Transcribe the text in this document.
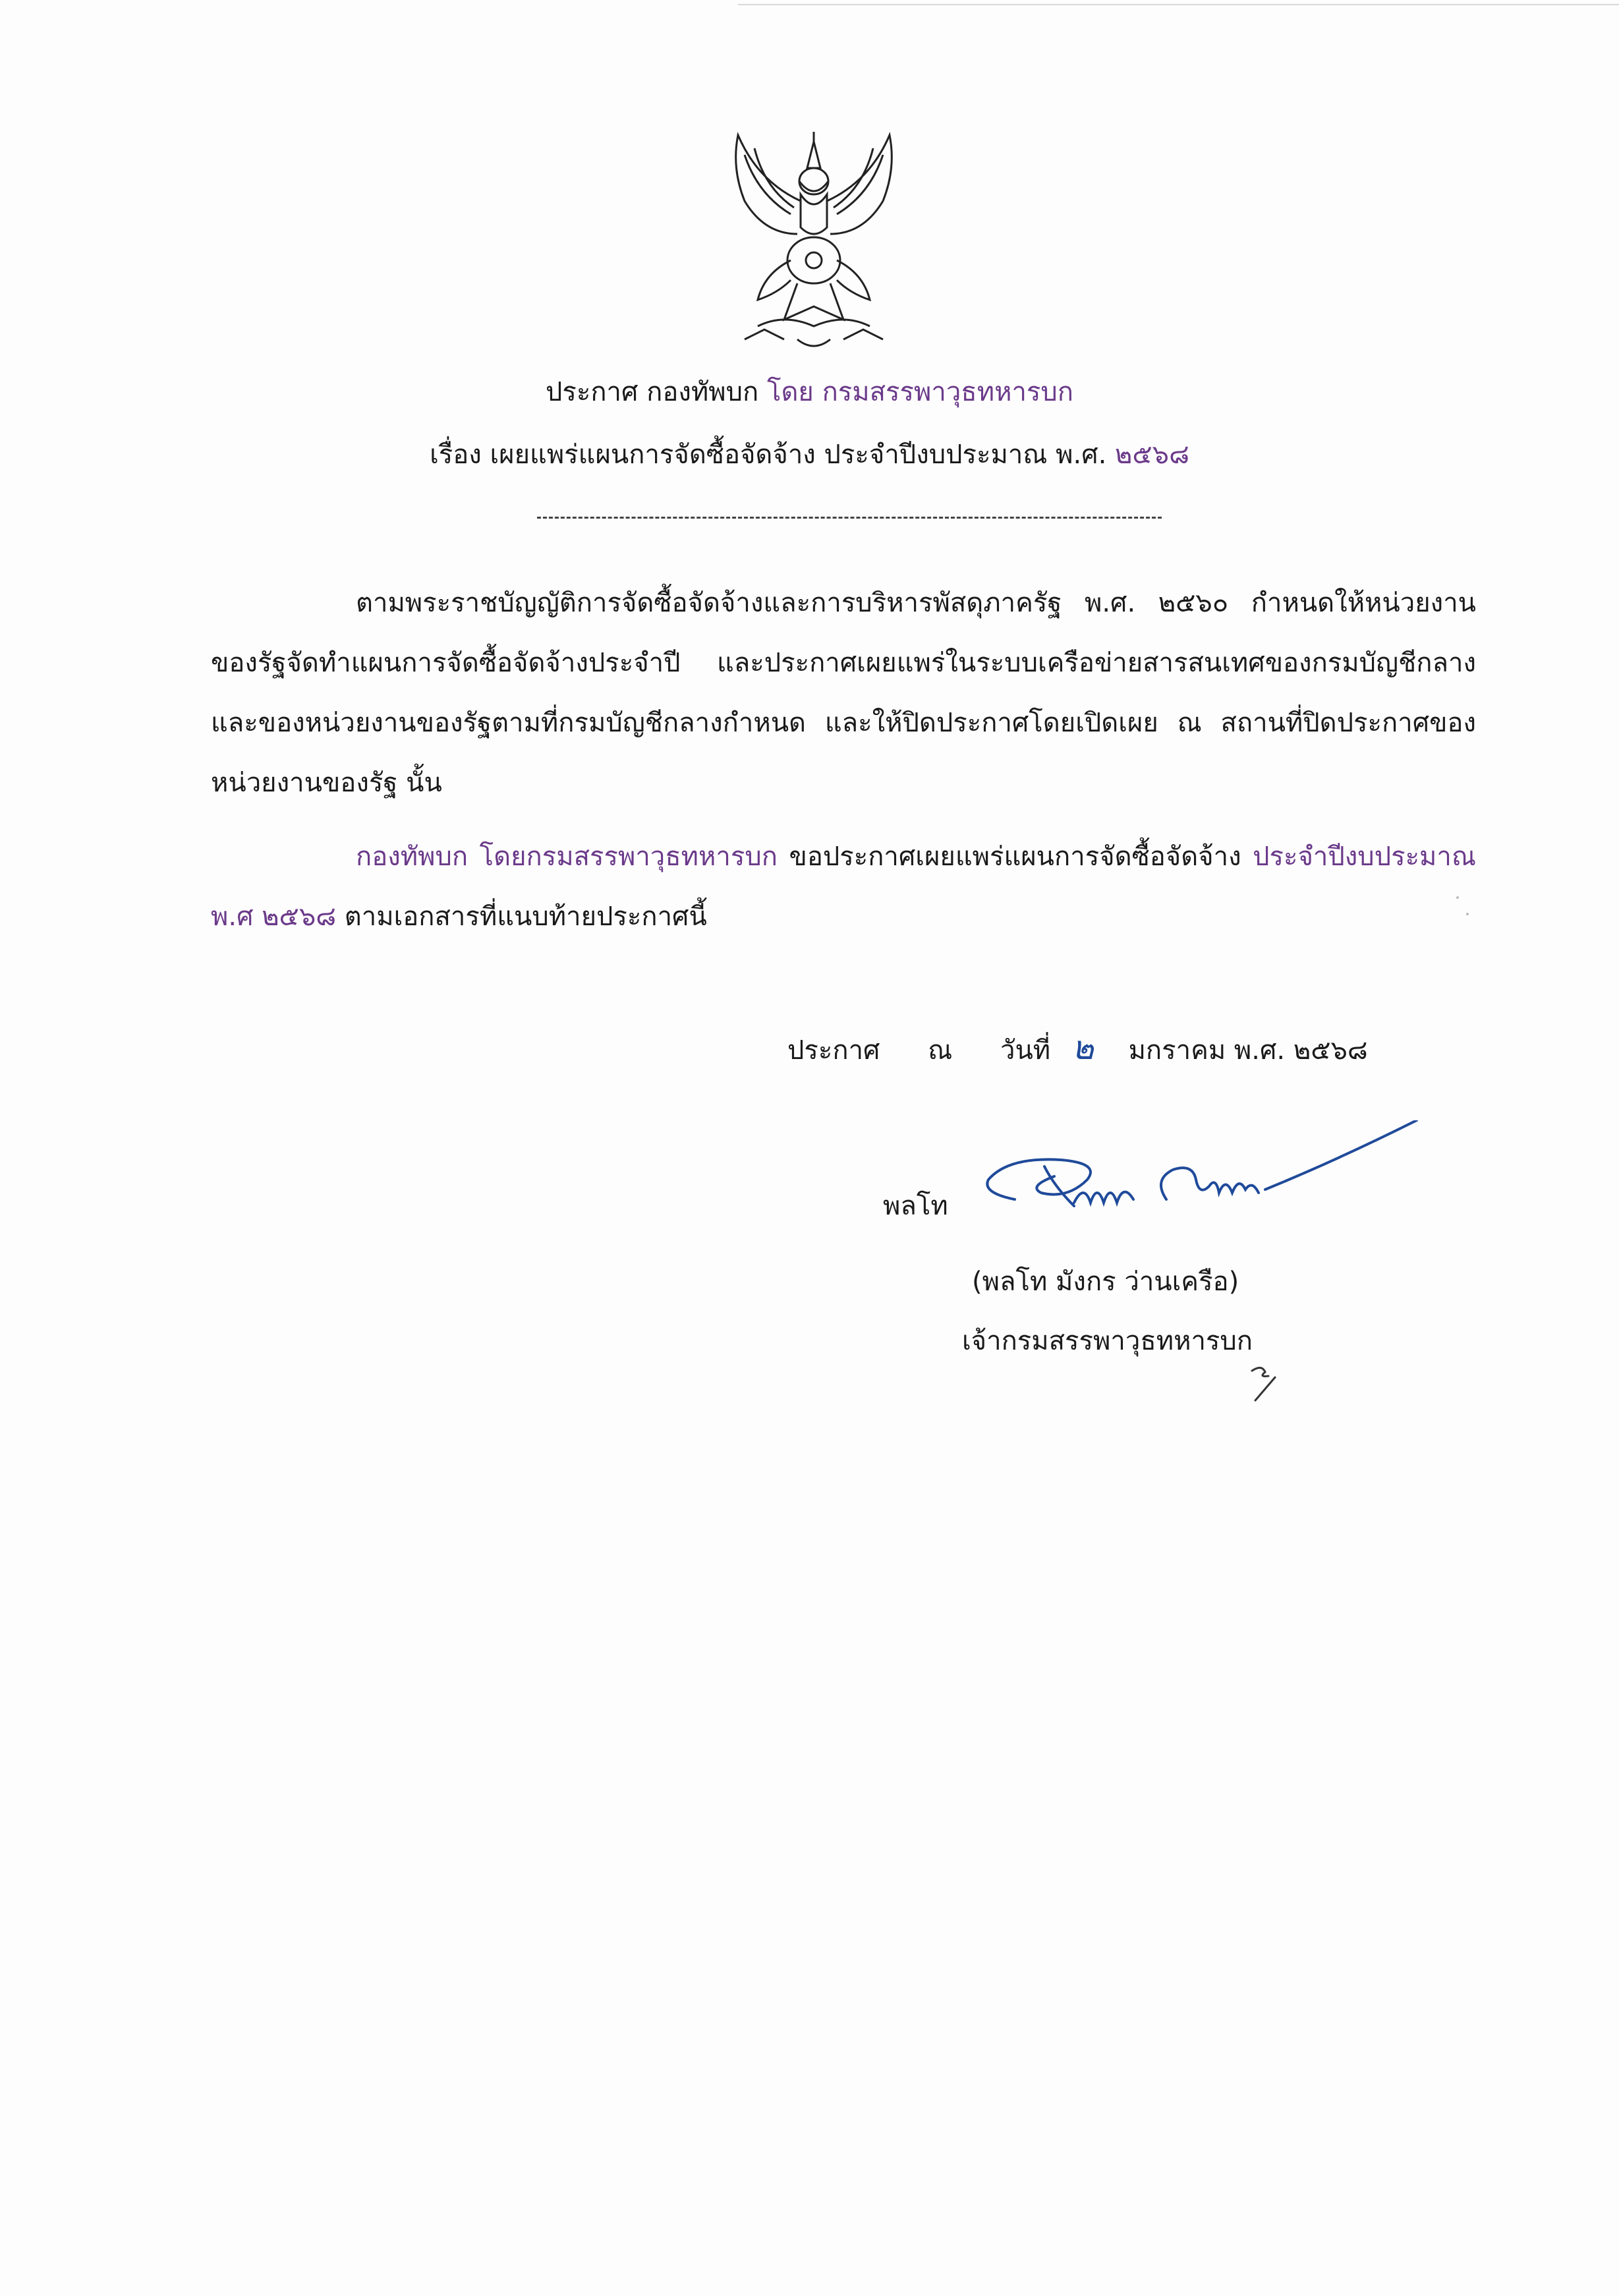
ประกาศ กองทัพบก โดย กรมสรรพาวุธทหารบก
เรื่อง เผยแพร่แผนการจัดซื้อจัดจ้าง ประจำปีงบประมาณ พ.ศ. ๒๕๖๘
ตามพระราชบัญญัติการจัดซื้อจัดจ้างและการบริหารพัสดุภาครัฐ พ.ศ. ๒๕๖๐ กำหนดให้หน่วยงานของรัฐจัดทำแผนการจัดซื้อจัดจ้างประจำปี และประกาศเผยแพร่ในระบบเครือข่ายสารสนเทศของกรมบัญชีกลางและของหน่วยงานของรัฐตามที่กรมบัญชีกลางกำหนด และให้ปิดประกาศโดยเปิดเผย ณ สถานที่ปิดประกาศของหน่วยงานของรัฐ นั้น
กองทัพบก โดยกรมสรรพาวุธทหารบก ขอประกาศเผยแพร่แผนการจัดซื้อจัดจ้าง ประจำปีงบประมาณ พ.ศ ๒๕๖๘ ตามเอกสารที่แนบท้ายประกาศนี้
ประกาศ ณ วันที่ ๒ มกราคม พ.ศ. ๒๕๖๘
พลโท
(พลโท มังกร ว่านเครือ)
เจ้ากรมสรรพาวุธทหารบก
